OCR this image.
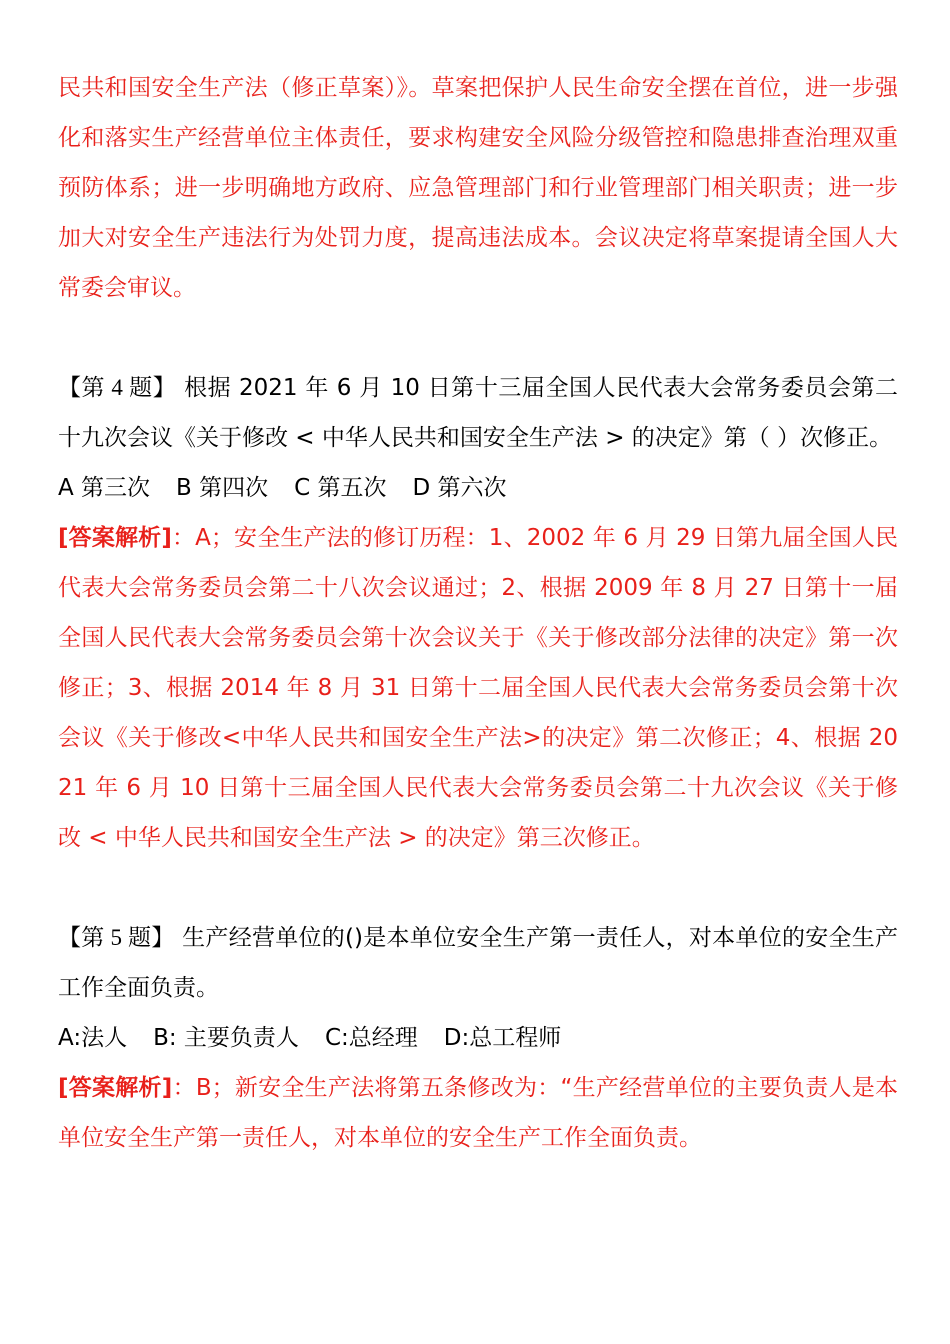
民共和国安全生产法（修正草案）》。草案把保护人民生命安全摆在首位，进一步强化和落实生产经营单位主体责任，要求构建安全风险分级管控和隐患排查治理双重预防体系；进一步明确地方政府、应急管理部门和行业管理部门相关职责；进一步加大对安全生产违法行为处罚力度，提高违法成本。会议决定将草案提请全国人大常委会审议。

【第 4 题】 根据 2021 年 6 月 10 日第十三届全国人民代表大会常务委员会第二十九次会议《关于修改 < 中华人民共和国安全生产法 > 的决定》第（ ）次修正。

A 第三次 B 第四次 C 第五次 D 第六次

[答案解析]：A；安全生产法的修订历程：1、2002 年 6 月 29 日第九届全国人民代表大会常务委员会第二十八次会议通过；2、根据 2009 年 8 月 27 日第十一届全国人民代表大会常务委员会第十次会议关于《关于修改部分法律的决定》第一次修正；3、根据 2014 年 8 月 31 日第十二届全国人民代表大会常务委员会第十次会议《关于修改<中华人民共和国安全生产法>的决定》第二次修正；4、根据 2021 年 6 月 10 日第十三届全国人民代表大会常务委员会第二十九次会议《关于修改 < 中华人民共和国安全生产法 > 的决定》第三次修正。

【第 5 题】 生产经营单位的()是本单位安全生产第一责任人，对本单位的安全生产工作全面负责。

A:法人 B: 主要负责人 C:总经理 D:总工程师

[答案解析]：B；新安全生产法将第五条修改为：“生产经营单位的主要负责人是本单位安全生产第一责任人，对本单位的安全生产工作全面负责。
